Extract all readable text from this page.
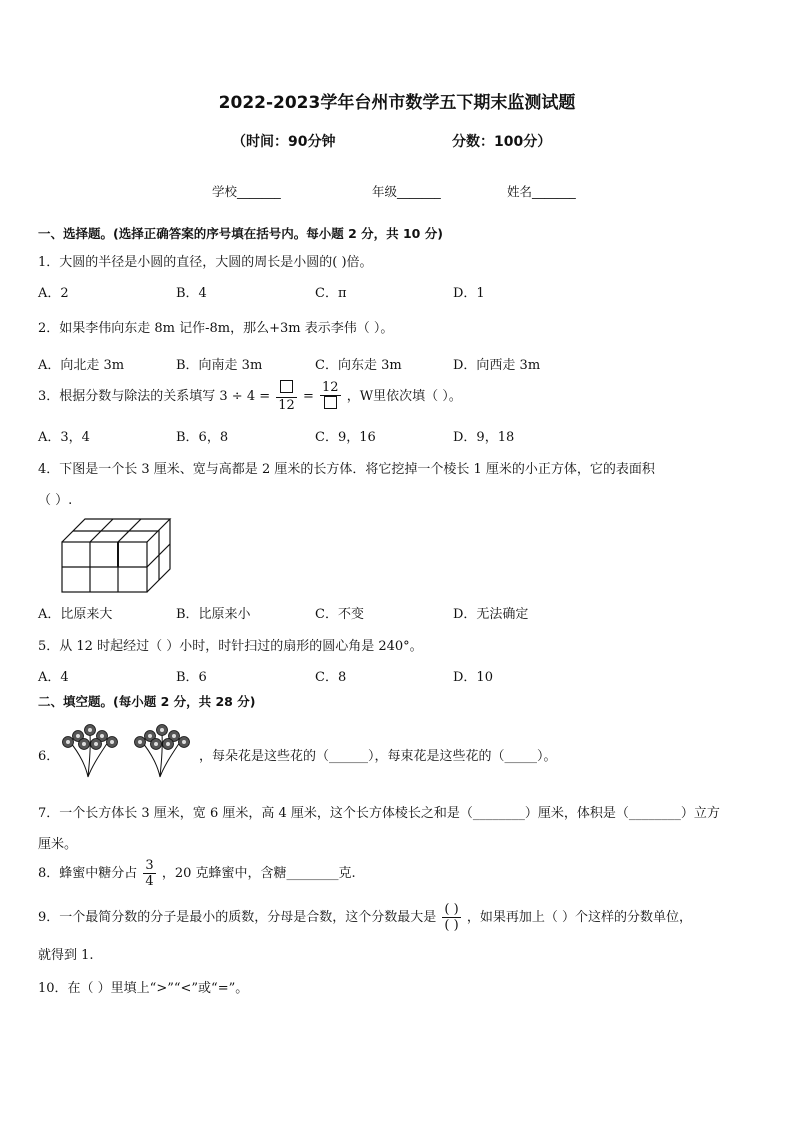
2022-2023学年台州市数学五下期末监测试题
（时间：90分钟	分数：100分）
学校_______	年级_______	姓名_______
一、选择题。(选择正确答案的序号填在括号内。每小题 2 分，共 10 分)
1．大圆的半径是小圆的直径，大圆的周长是小圆的( )倍。
A．2	B．4	C．π	D．1
2．如果李伟向东走 8m 记作-8m，那么+3m 表示李伟（ ）。
A．向北走 3m	B．向南走 3m	C．向东走 3m	D．向西走 3m
3．根据分数与除法的关系填写 3 ÷ 4 =
12
=
12
，W里依次填（ ）。
A．3，4	B．6，8	C．9，16	D．9，18
4．下图是一个长 3 厘米、宽与高都是 2 厘米的长方体．将它挖掉一个棱长 1 厘米的小正方体，它的表面积
（ ）.
A．比原来大	B．比原来小	C．不变	D．无法确定
5．从 12 时起经过（ ）小时，时针扫过的扇形的圆心角是 240°。
A．4	B．6	C．8	D．10
二、填空题。(每小题 2 分，共 28 分)
6．	，每朵花是这些花的（______），每束花是这些花的（_____）。
7．一个长方体长 3 厘米，宽 6 厘米，高 4 厘米，这个长方体棱长之和是（________）厘米，体积是（________）立方
厘米。
8．蜂蜜中糖分占 $\frac{3}{4}$ ，20 克蜂蜜中，含糖________克.
9．一个最简分数的分子是最小的质数，分母是合数，这个分数最大是 $\frac{( )}{( )}$ ，如果再加上（ ）个这样的分数单位，
就得到 1.
10．在（ ）里填上“>”“<”或“=”。
